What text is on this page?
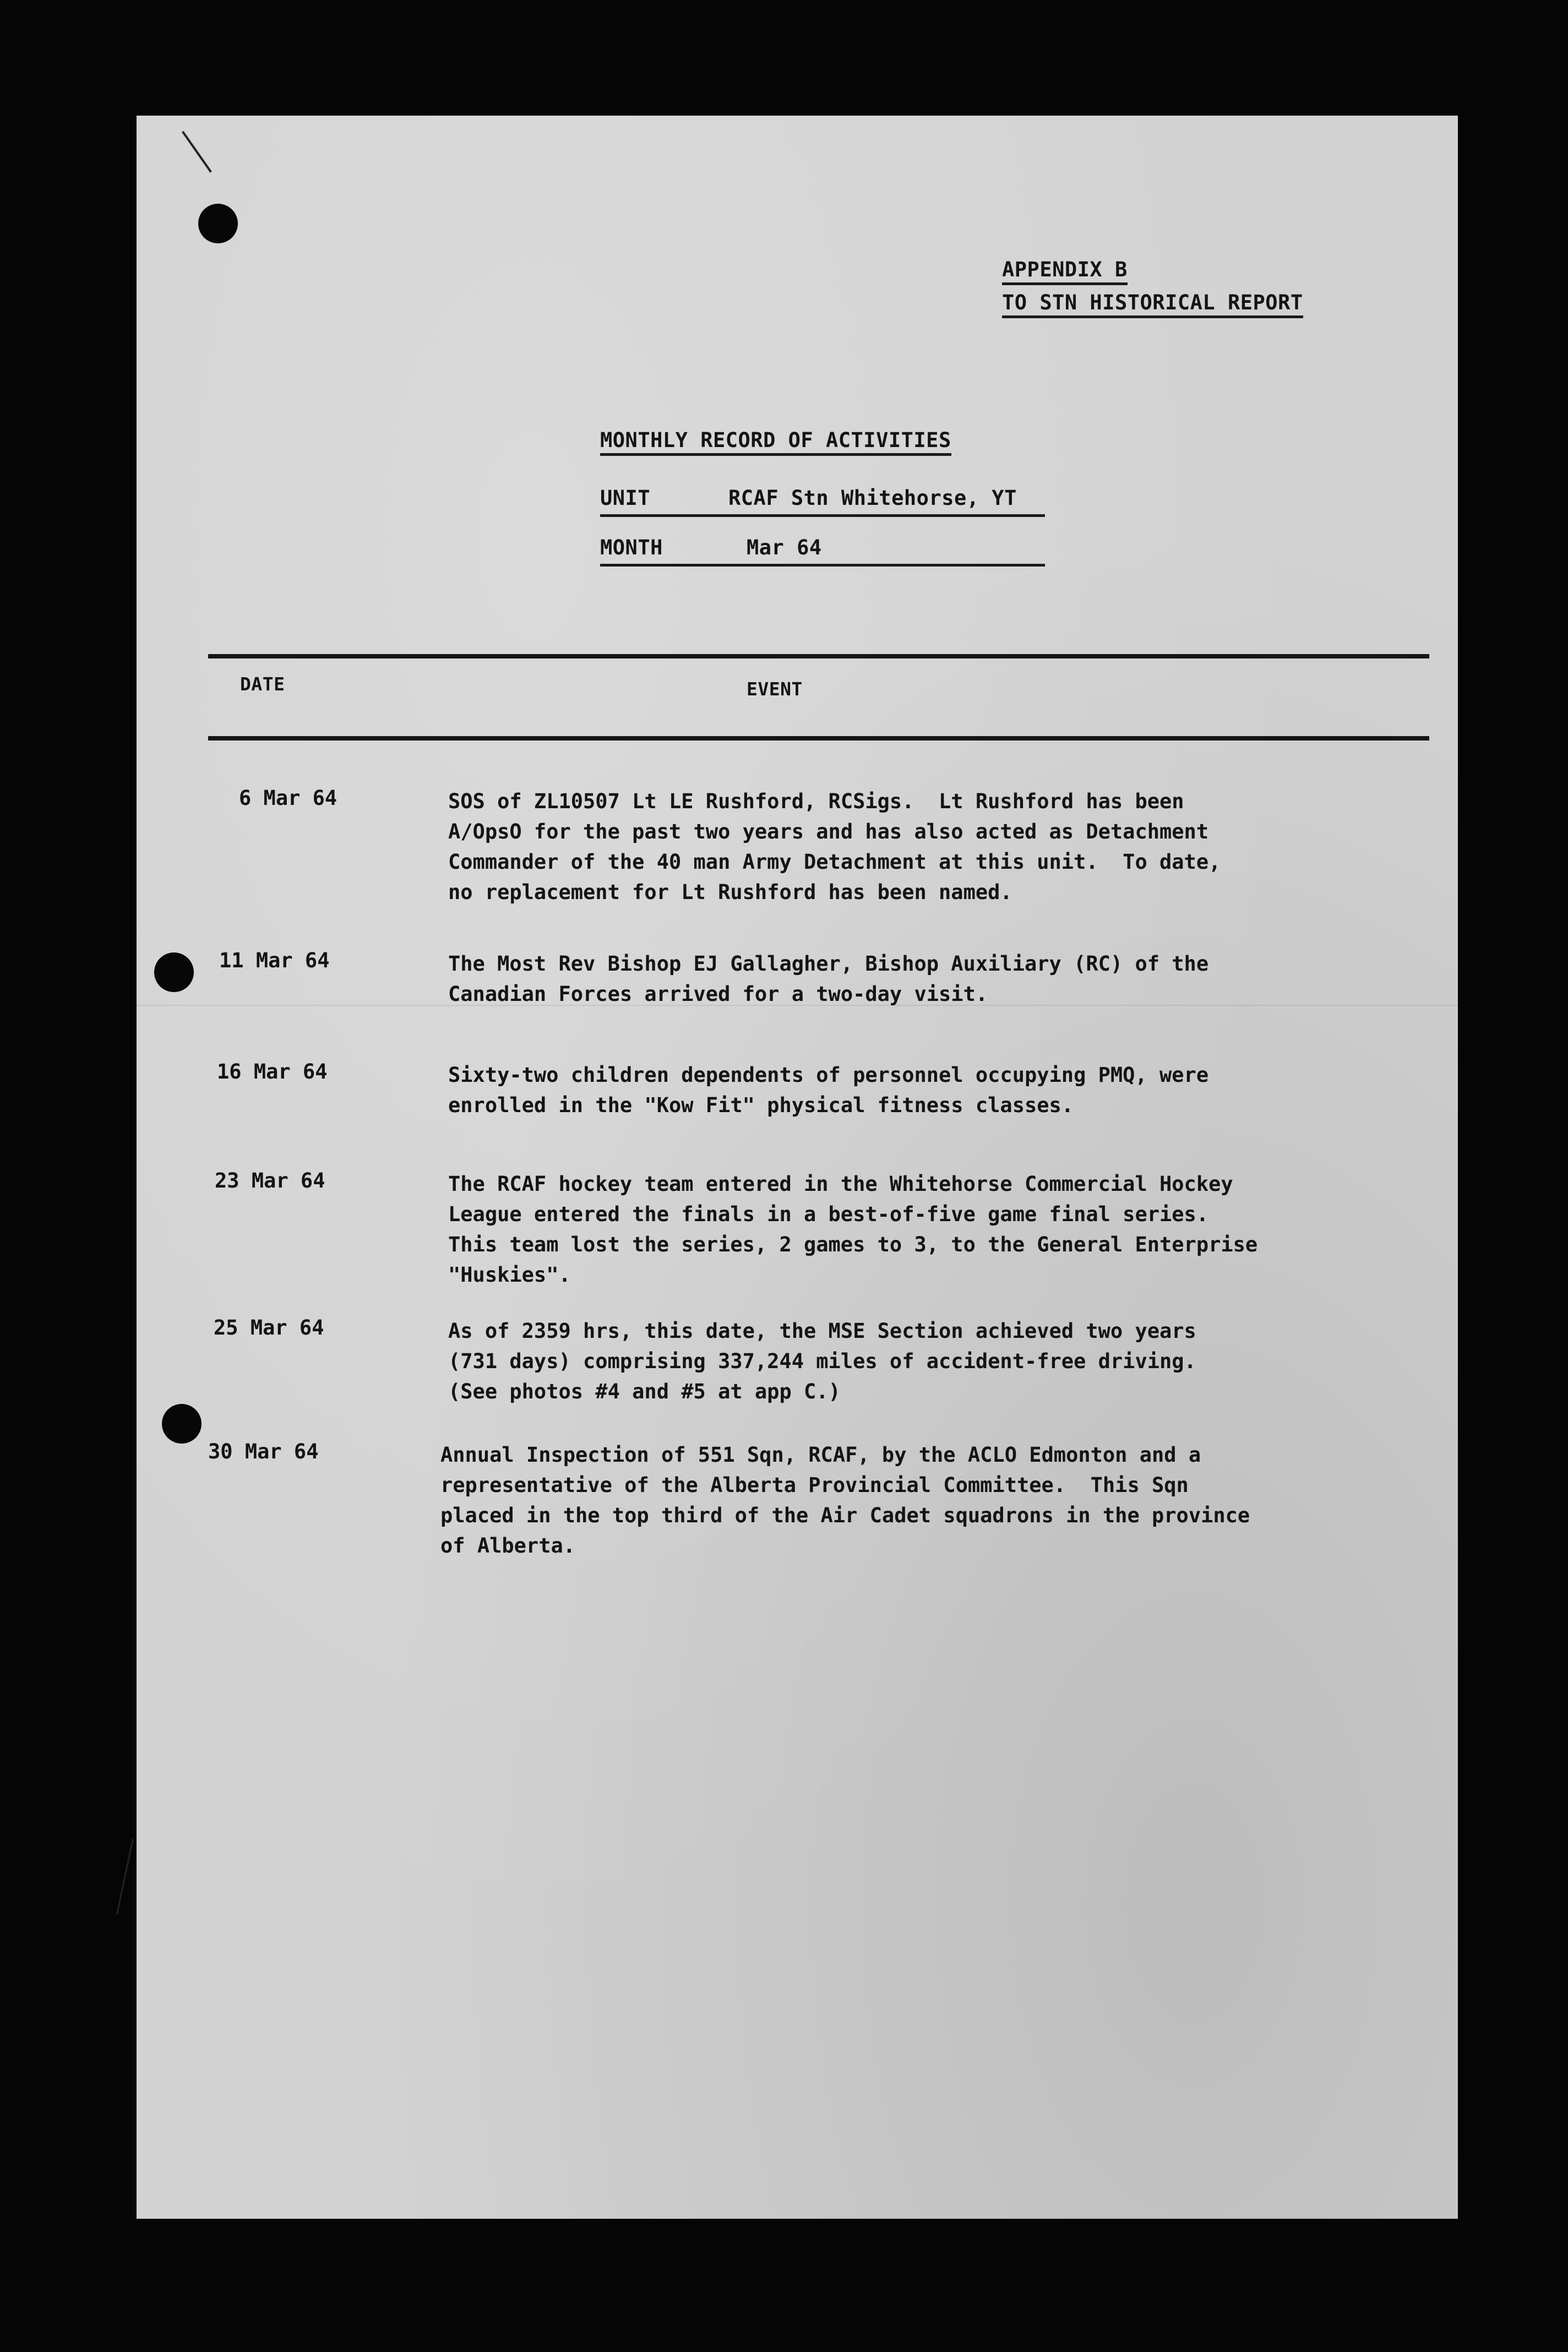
APPENDIX B
TO STN HISTORICAL REPORT
MONTHLY RECORD OF ACTIVITIES
UNIT	RCAF Stn Whitehorse, YT
MONTH	Mar 64
DATE	EVENT
6 Mar 64	SOS of ZL10507 Lt LE Rushford, RCSigs.  Lt Rushford has been
A/OpsO for the past two years and has also acted as Detachment
Commander of the 40 man Army Detachment at this unit.  To date,
no replacement for Lt Rushford has been named.
11 Mar 64	The Most Rev Bishop EJ Gallagher, Bishop Auxiliary (RC) of the
Canadian Forces arrived for a two-day visit.
16 Mar 64	Sixty-two children dependents of personnel occupying PMQ, were
enrolled in the "Kow Fit" physical fitness classes.
23 Mar 64	The RCAF hockey team entered in the Whitehorse Commercial Hockey
League entered the finals in a best-of-five game final series.
This team lost the series, 2 games to 3, to the General Enterprise
"Huskies".
25 Mar 64	As of 2359 hrs, this date, the MSE Section achieved two years
(731 days) comprising 337,244 miles of accident-free driving.
(See photos #4 and #5 at app C.)
30 Mar 64	Annual Inspection of 551 Sqn, RCAF, by the ACLO Edmonton and a
representative of the Alberta Provincial Committee.  This Sqn
placed in the top third of the Air Cadet squadrons in the province
of Alberta.
